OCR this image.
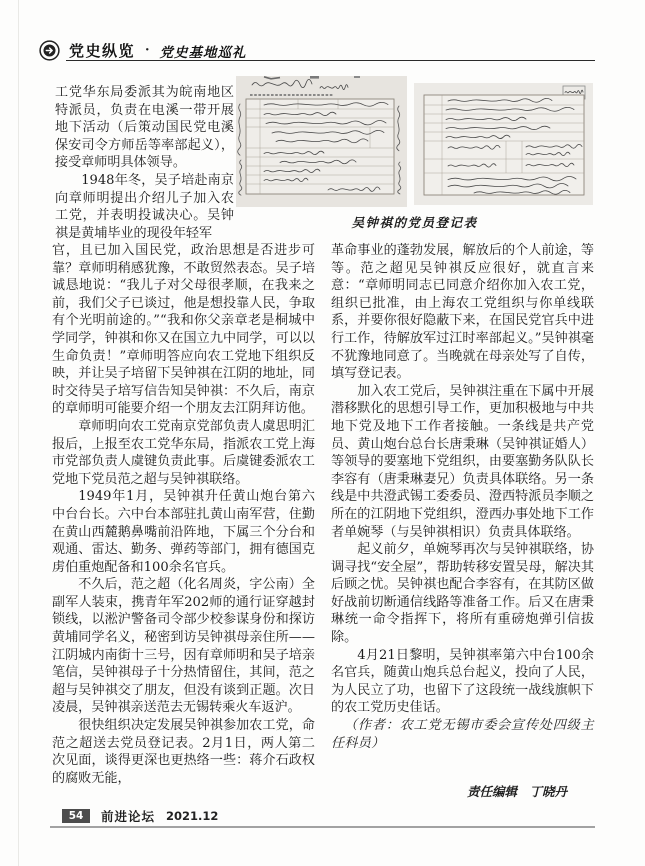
党史纵览 · 党史基地巡礼

工党华东局委派其为皖南地区特派员，负责在电溪一带开展地下活动（后策动国民党电溪保安司令方师岳等率部起义），接受章师明具体领导。

1948年冬，吴子培赴南京向章师明提出介绍儿子加入农工党，并表明投诚决心。吴钟祺是黄埔毕业的现役年轻军

吴钟祺的党员登记表

官，且已加入国民党，政治思想是否进步可靠？章师明稍感犹豫，不敢贸然表态。吴子培诚恳地说：“我儿子对父母很孝顺，在我来之前，我们父子已谈过，他是想投靠人民，争取有个光明前途的。”“我和你父亲章老是桐城中学同学，钟祺和你又在国立九中同学，可以以生命负责！”章师明答应向农工党地下组织反映，并让吴子培留下吴钟祺在江阴的地址，同时交待吴子培写信告知吴钟祺：不久后，南京的章师明可能要介绍一个朋友去江阴拜访他。

章师明向农工党南京党部负责人虞思明汇报后，上报至农工党华东局，指派农工党上海市党部负责人虞键负责此事。后虞键委派农工党地下党员范之超与吴钟祺联络。

1949年1月，吴钟祺升任黄山炮台第六中台台长。六中台本部驻扎黄山南军营，住勤在黄山西麓鹅鼻嘴前沿阵地，下属三个分台和观通、雷达、勤务、弹药等部门，拥有德国克虏伯重炮配备和100余名官兵。

不久后，范之超（化名周炎，字公南）全副军人装束，携青年军202师的通行证穿越封锁线，以淞沪警备司令部少校参谋身份和探访黄埔同学名义，秘密到访吴钟祺母亲住所——江阴城内南街十三号，因有章师明和吴子培亲笔信，吴钟祺母子十分热情留住，其间，范之超与吴钟祺交了朋友，但没有谈到正题。次日凌晨，吴钟祺亲送范去无锡转乘火车返沪。

很快组织决定发展吴钟祺参加农工党，命范之超送去党员登记表。2月1日，两人第二次见面，谈得更深也更热络一些：蒋介石政权的腐败无能，

革命事业的蓬勃发展，解放后的个人前途，等等。范之超见吴钟祺反应很好，就直言来意：“章师明同志已同意介绍你加入农工党，组织已批准，由上海农工党组织与你单线联系，并要你很好隐蔽下来，在国民党官兵中进行工作，待解放军过江时率部起义。”吴钟祺毫不犹豫地同意了。当晚就在母亲处写了自传，填写登记表。

加入农工党后，吴钟祺注重在下属中开展潜移默化的思想引导工作，更加积极地与中共地下党及地下工作者接触。一条线是共产党员、黄山炮台总台长唐秉琳（吴钟祺证婚人）等领导的要塞地下党组织，由要塞勤务队队长李容有（唐秉琳妻兄）负责具体联络。另一条线是中共澄武锡工委委员、澄西特派员李顺之所在的江阴地下党组织，澄西办事处地下工作者单婉琴（与吴钟祺相识）负责具体联络。

起义前夕，单婉琴再次与吴钟祺联络，协调寻找“安全屋”，帮助转移安置吴母，解决其后顾之忧。吴钟祺也配合李容有，在其防区做好战前切断通信线路等准备工作。后又在唐秉琳统一命令指挥下，将所有重磅炮弹引信拔除。

4月21日黎明，吴钟祺率第六中台100余名官兵，随黄山炮兵总台起义，投向了人民，为人民立了功，也留下了这段统一战线旗帜下的农工党历史佳话。

（作者：农工党无锡市委会宣传处四级主任科员）

责任编辑　丁晓丹
54	前进论坛 2021.12
